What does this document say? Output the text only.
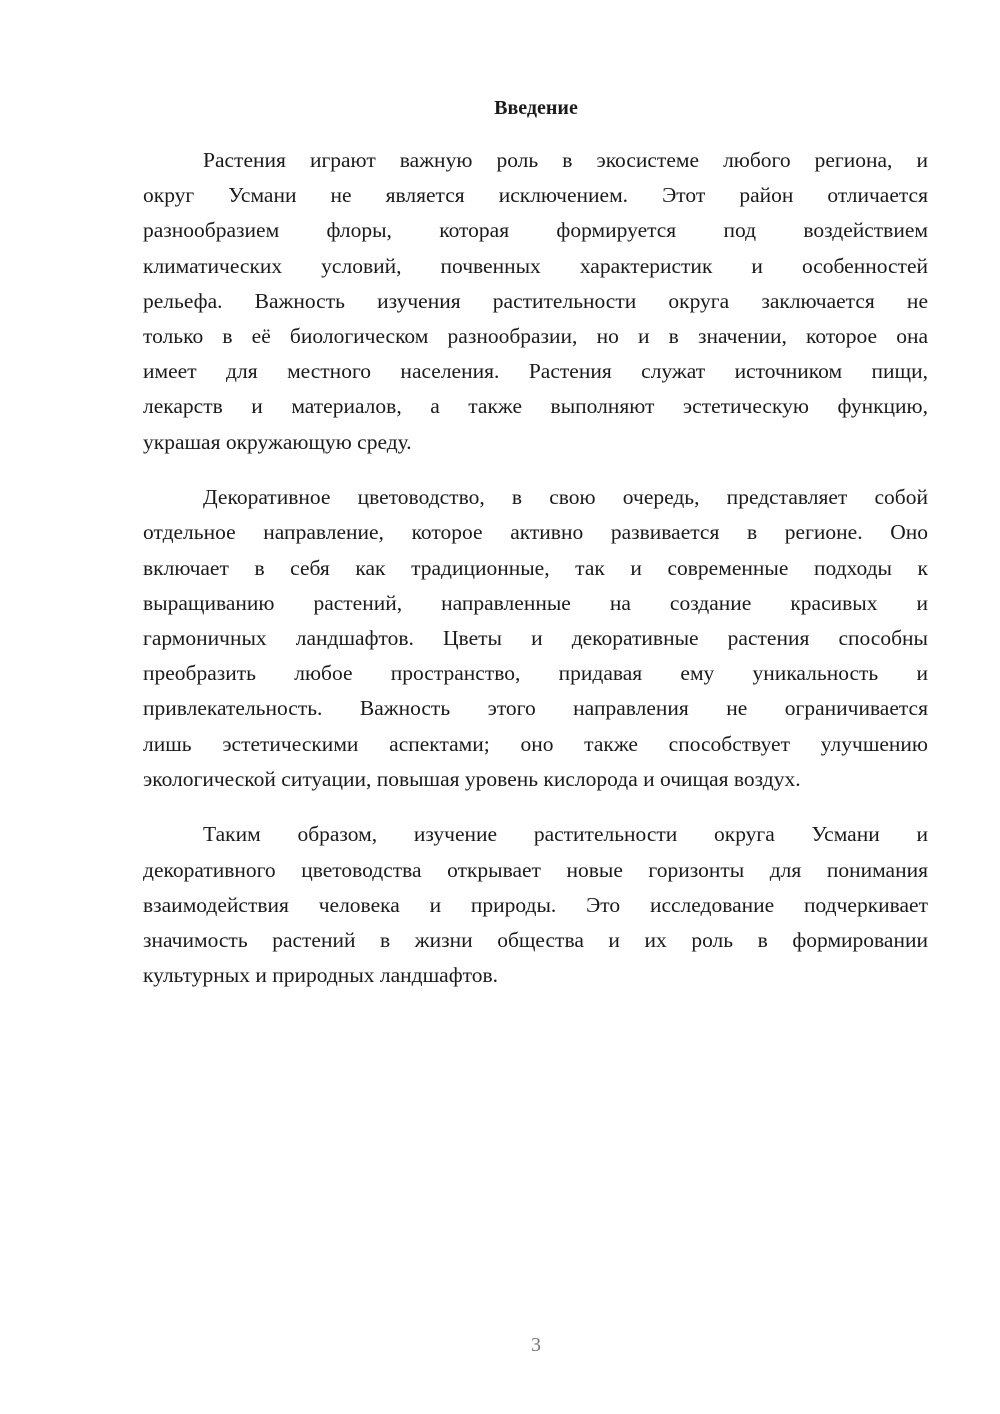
Введение
Растения играют важную роль в экосистеме любого региона, и
округ Усмани не является исключением. Этот район отличается
разнообразием флоры, которая формируется под воздействием
климатических условий, почвенных характеристик и особенностей
рельефа. Важность изучения растительности округа заключается не
только в её биологическом разнообразии, но и в значении, которое она
имеет для местного населения. Растения служат источником пищи,
лекарств и материалов, а также выполняют эстетическую функцию,
украшая окружающую среду.
Декоративное цветоводство, в свою очередь, представляет собой
отдельное направление, которое активно развивается в регионе. Оно
включает в себя как традиционные, так и современные подходы к
выращиванию растений, направленные на создание красивых и
гармоничных ландшафтов. Цветы и декоративные растения способны
преобразить любое пространство, придавая ему уникальность и
привлекательность. Важность этого направления не ограничивается
лишь эстетическими аспектами; оно также способствует улучшению
экологической ситуации, повышая уровень кислорода и очищая воздух.
Таким образом, изучение растительности округа Усмани и
декоративного цветоводства открывает новые горизонты для понимания
взаимодействия человека и природы. Это исследование подчеркивает
значимость растений в жизни общества и их роль в формировании
культурных и природных ландшафтов.
3
